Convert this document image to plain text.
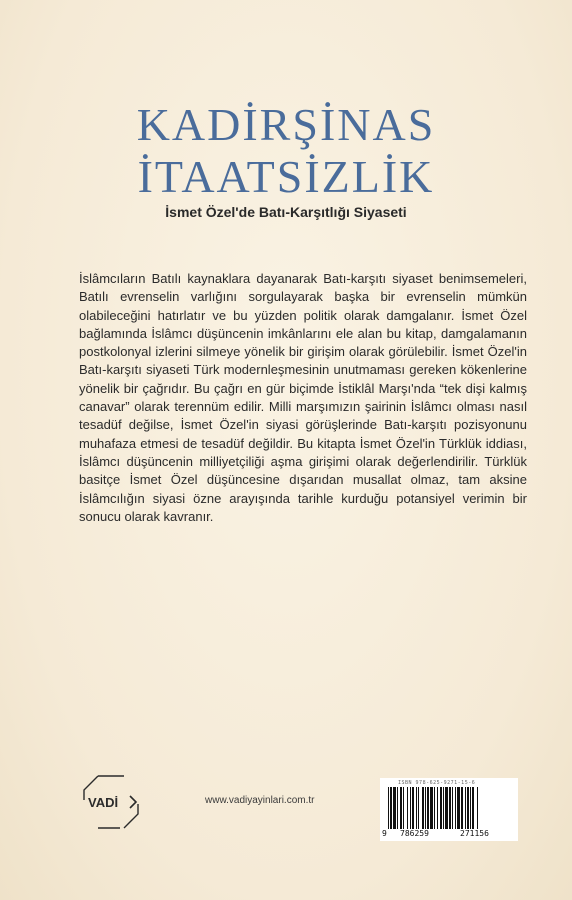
KADİRŞİNAS
İTAATSİZLİK
İsmet Özel'de Batı-Karşıtlığı Siyaseti

İslâmcıların Batılı kaynaklara dayanarak Batı-karşıtı siyaset benimsemeleri, Batılı evrenselin varlığını sorgulayarak başka bir evrenselin mümkün olabileceğini hatırlatır ve bu yüzden politik olarak damgalanır. İsmet Özel bağlamında İslâmcı düşüncenin imkânlarını ele alan bu kitap, damgalamanın postkolonyal izlerini silmeye yönelik bir girişim olarak görülebilir. İsmet Özel'in Batı-karşıtı siyaseti Türk modernleşmesinin unutmaması gereken kökenlerine yönelik bir çağrıdır. Bu çağrı en gür biçimde İstiklâl Marşı'nda “tek dişi kalmış canavar” olarak terennüm edilir. Milli marşımızın şairinin İslâmcı olması nasıl tesadüf değilse, İsmet Özel'in siyasi görüşlerinde Batı-karşıtı pozisyonunu muhafaza etmesi de tesadüf değildir. Bu kitapta İsmet Özel'in Türklük iddiası, İslâmcı düşüncenin milliyetçiliği aşma girişimi olarak değerlendirilir. Türklük basitçe İsmet Özel düşüncesine dışarıdan musallat olmaz, tam aksine İslâmcılığın siyasi özne arayışında tarihle kurduğu potansiyel verimin bir sonucu olarak kavranır.

VADİ	www.vadiyayinlari.com.tr
ISBN 978-625-9271-15-6
9 786259	271156
